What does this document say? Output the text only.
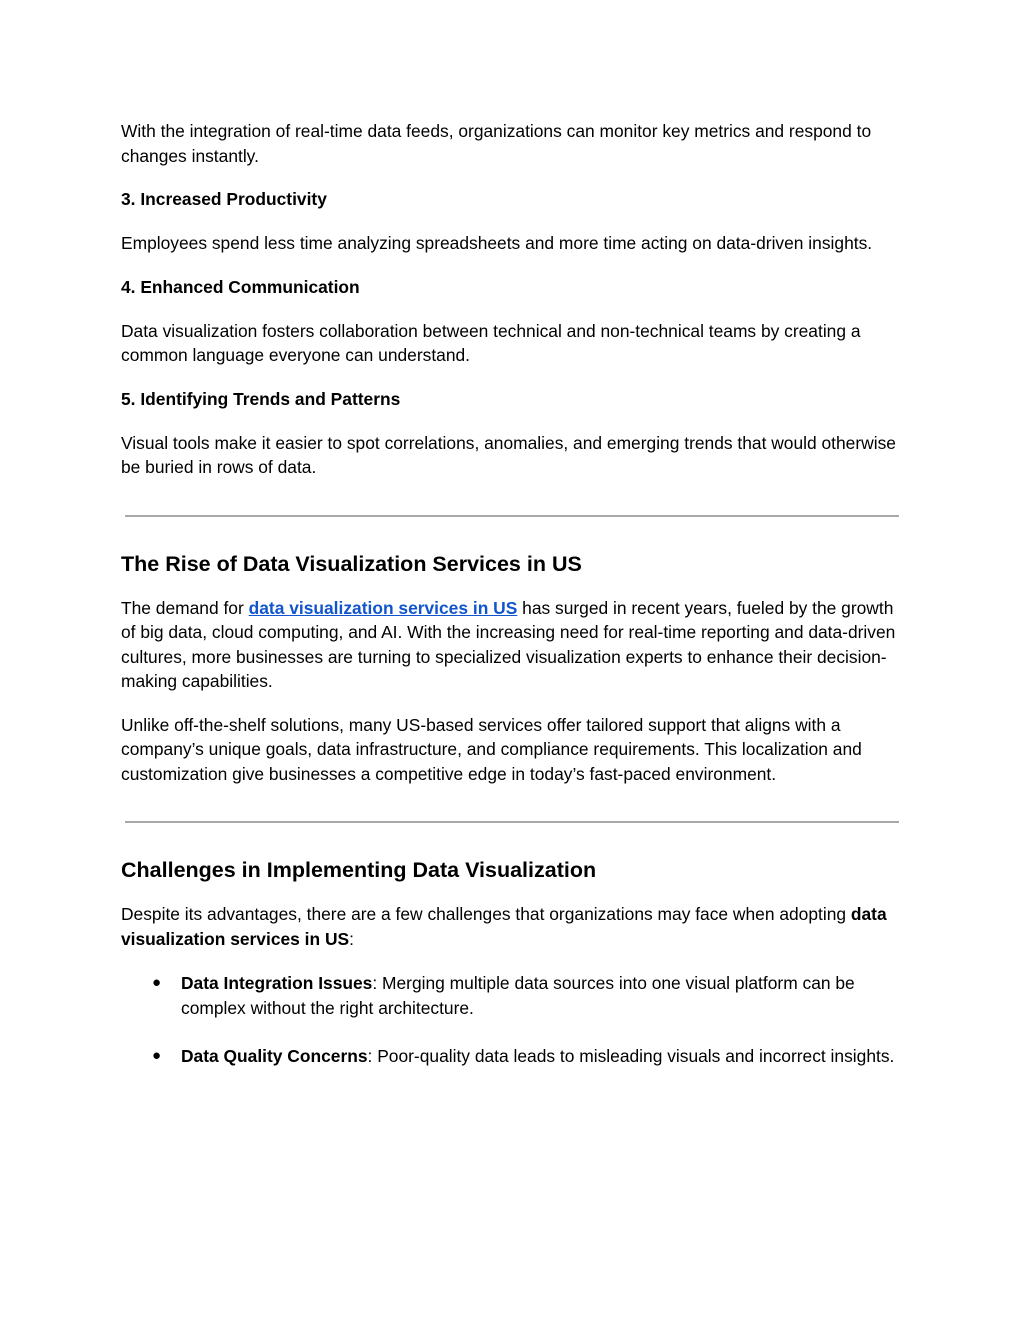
With the integration of real-time data feeds, organizations can monitor key metrics and respond to changes instantly.

3. Increased Productivity

Employees spend less time analyzing spreadsheets and more time acting on data-driven insights.

4. Enhanced Communication

Data visualization fosters collaboration between technical and non-technical teams by creating a common language everyone can understand.

5. Identifying Trends and Patterns

Visual tools make it easier to spot correlations, anomalies, and emerging trends that would otherwise be buried in rows of data.

The Rise of Data Visualization Services in US

The demand for data visualization services in US has surged in recent years, fueled by the growth of big data, cloud computing, and AI. With the increasing need for real-time reporting and data-driven cultures, more businesses are turning to specialized visualization experts to enhance their decision-making capabilities.

Unlike off-the-shelf solutions, many US-based services offer tailored support that aligns with a company’s unique goals, data infrastructure, and compliance requirements. This localization and customization give businesses a competitive edge in today’s fast-paced environment.

Challenges in Implementing Data Visualization

Despite its advantages, there are a few challenges that organizations may face when adopting data visualization services in US:

● Data Integration Issues: Merging multiple data sources into one visual platform can be complex without the right architecture.
● Data Quality Concerns: Poor-quality data leads to misleading visuals and incorrect insights.
